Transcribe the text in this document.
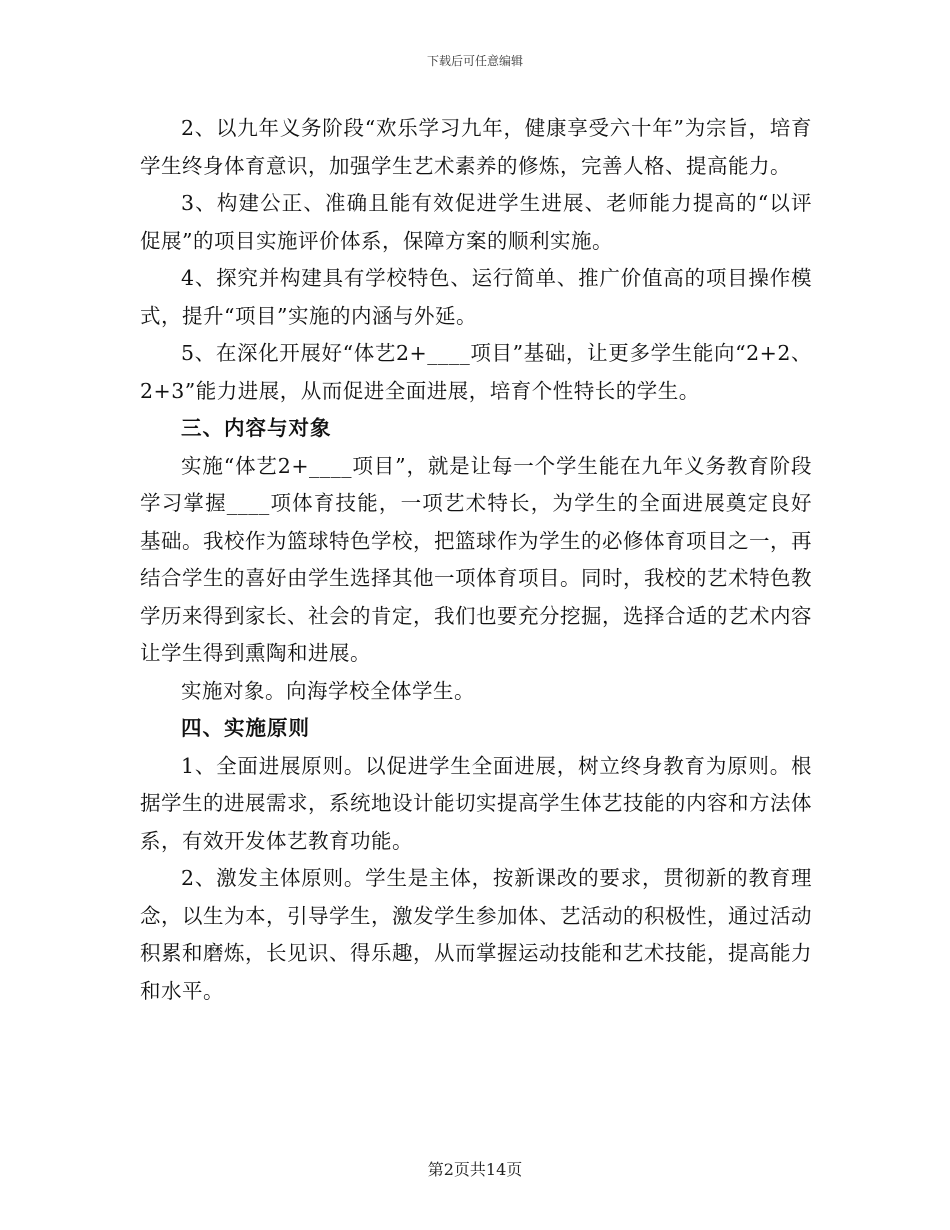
下载后可任意编辑

2、以九年义务阶段“欢乐学习九年，健康享受六十年”为宗旨，培育学生终身体育意识，加强学生艺术素养的修炼，完善人格、提高能力。

3、构建公正、准确且能有效促进学生进展、老师能力提高的“以评促展”的项目实施评价体系，保障方案的顺利实施。

4、探究并构建具有学校特色、运行简单、推广价值高的项目操作模式，提升“项目”实施的内涵与外延。

5、在深化开展好“体艺2+____项目”基础，让更多学生能向“2+2、2+3”能力进展，从而促进全面进展，培育个性特长的学生。

三、内容与对象

实施“体艺2+____项目”，就是让每一个学生能在九年义务教育阶段学习掌握____项体育技能，一项艺术特长，为学生的全面进展奠定良好基础。我校作为篮球特色学校，把篮球作为学生的必修体育项目之一，再结合学生的喜好由学生选择其他一项体育项目。同时，我校的艺术特色教学历来得到家长、社会的肯定，我们也要充分挖掘，选择合适的艺术内容让学生得到熏陶和进展。

实施对象。向海学校全体学生。

四、实施原则

1、全面进展原则。以促进学生全面进展，树立终身教育为原则。根据学生的进展需求，系统地设计能切实提高学生体艺技能的内容和方法体系，有效开发体艺教育功能。

2、激发主体原则。学生是主体，按新课改的要求，贯彻新的教育理念，以生为本，引导学生，激发学生参加体、艺活动的积极性，通过活动积累和磨炼，长见识、得乐趣，从而掌握运动技能和艺术技能，提高能力和水平。

第2页共14页
